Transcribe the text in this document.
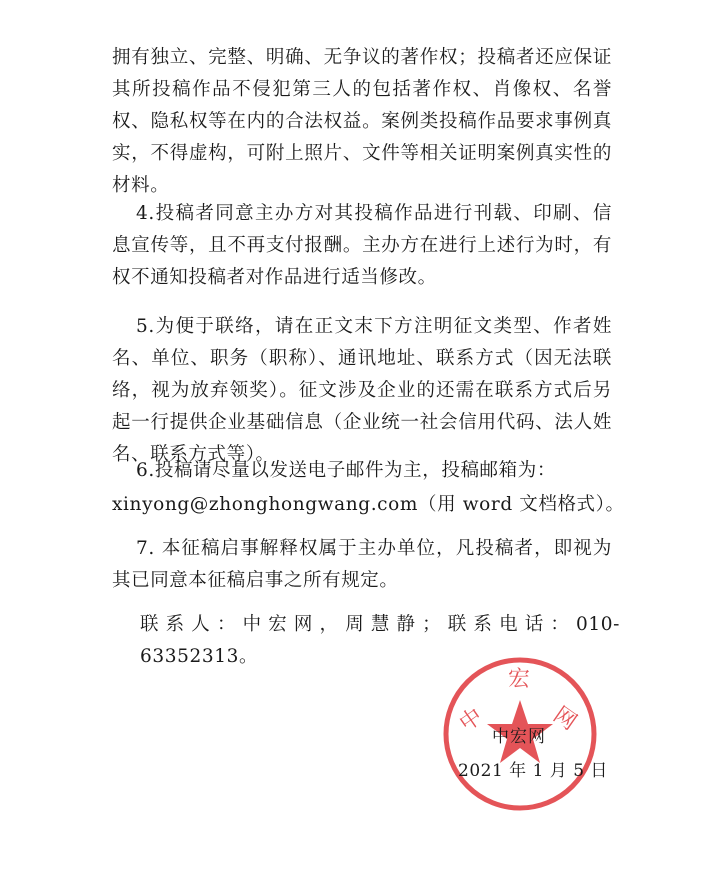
拥有独立、完整、明确、无争议的著作权；投稿者还应保证其所投稿作品不侵犯第三人的包括著作权、肖像权、名誉权、隐私权等在内的合法权益。案例类投稿作品要求事例真实，不得虚构，可附上照片、文件等相关证明案例真实性的材料。

4.投稿者同意主办方对其投稿作品进行刊载、印刷、信息宣传等，且不再支付报酬。主办方在进行上述行为时，有权不通知投稿者对作品进行适当修改。

5.为便于联络，请在正文末下方注明征文类型、作者姓名、单位、职务（职称）、通讯地址、联系方式（因无法联络，视为放弃领奖）。征文涉及企业的还需在联系方式后另起一行提供企业基础信息（企业统一社会信用代码、法人姓名、联系方式等）。

6.投稿请尽量以发送电子邮件为主，投稿邮箱为：

xinyong@zhonghongwang.com（用 word 文档格式）。

7. 本征稿启事解释权属于主办单位，凡投稿者，即视为其已同意本征稿启事之所有规定。

联系人：中宏网，周慧静；联系电话：010-63352313。

中
宏
网
中宏网
2021 年 1 月 5 日
